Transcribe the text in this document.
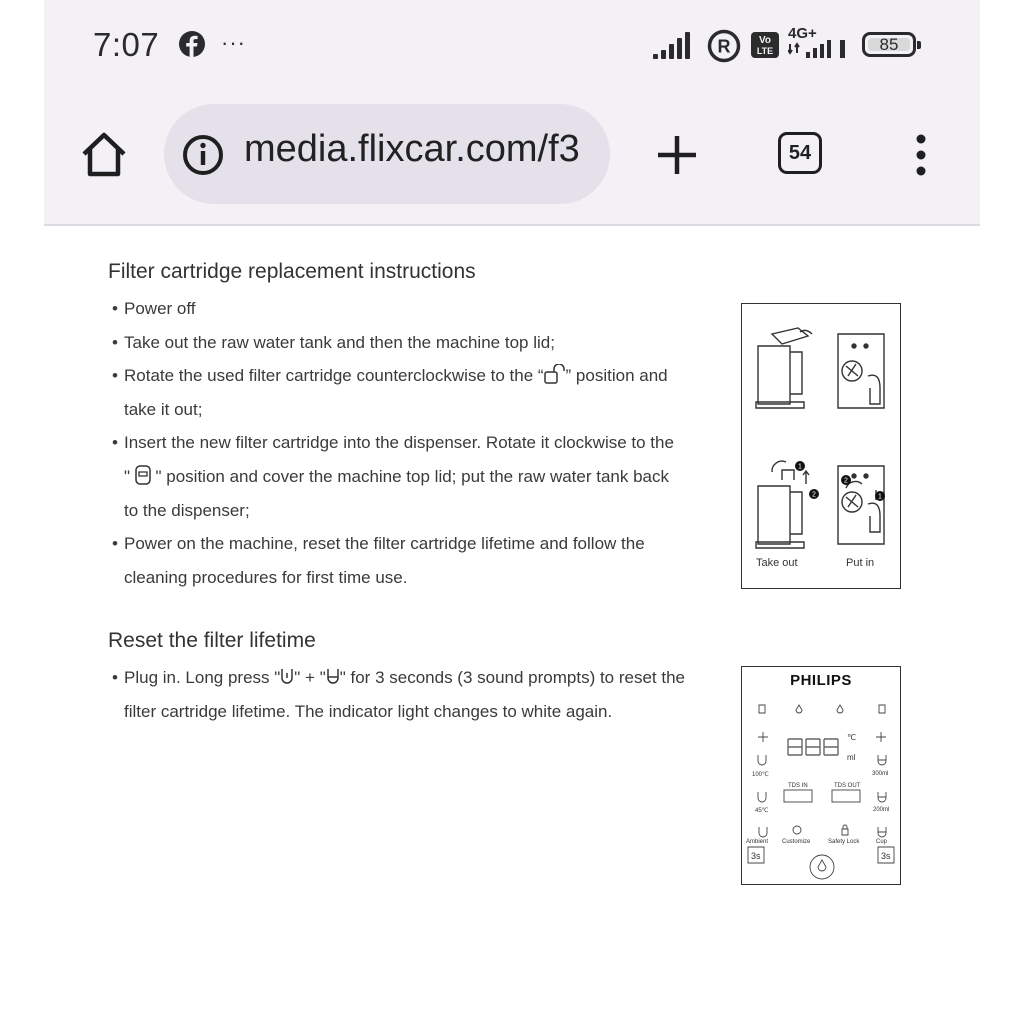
7:07	···	R	Vo
LTE
4G+
85
media.flixcar.com/f3	54
Filter cartridge replacement instructions
• Power off
• Take out the raw water tank and then the machine top lid;
• Rotate the used filter cartridge counterclockwise to the “ ” position and
take it out;
• Insert the new filter cartridge into the dispenser. Rotate it clockwise to the
" " position and cover the machine top lid; put the raw water tank back
to the dispenser;
• Power on the machine, reset the filter cartridge lifetime and follow the
cleaning procedures for first time use.
Reset the filter lifetime
• Plug in. Long press " " + " " for 3 seconds (3 sound prompts) to reset the
filter cartridge lifetime. The indicator light changes to white again.
1
2
2
1
Take out	Put in
PHILIPS
℃
ml
100℃	300ml
TDS IN	TDS OUT
45℃	200ml
Ambient Customize	Safety Lock	Cup
3s	3s
